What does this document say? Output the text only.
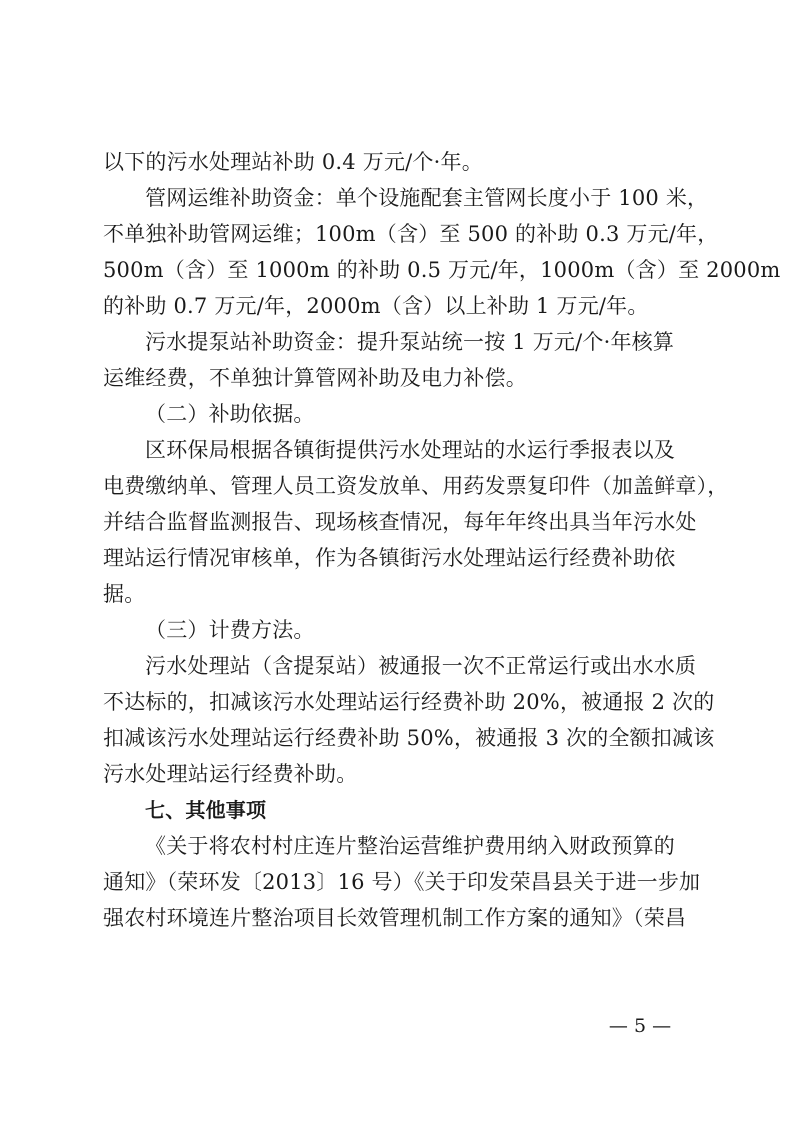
以下的污水处理站补助 0.4 万元/个·年。
管网运维补助资金：单个设施配套主管网长度小于 100 米，
不单独补助管网运维；100m（含）至 500 的补助 0.3 万元/年，
500m（含）至 1000m 的补助 0.5 万元/年，1000m（含）至 2000m
的补助 0.7 万元/年，2000m（含）以上补助 1 万元/年。
污水提泵站补助资金：提升泵站统一按 1 万元/个·年核算
运维经费，不单独计算管网补助及电力补偿。
（二）补助依据。
区环保局根据各镇街提供污水处理站的水运行季报表以及
电费缴纳单、管理人员工资发放单、用药发票复印件（加盖鲜章），
并结合监督监测报告、现场核查情况，每年年终出具当年污水处
理站运行情况审核单，作为各镇街污水处理站运行经费补助依
据。
（三）计费方法。
污水处理站（含提泵站）被通报一次不正常运行或出水水质
不达标的，扣减该污水处理站运行经费补助 20%，被通报 2 次的
扣减该污水处理站运行经费补助 50%，被通报 3 次的全额扣减该
污水处理站运行经费补助。
七、其他事项
《关于将农村村庄连片整治运营维护费用纳入财政预算的
通知》（荣环发〔2013〕16 号）《关于印发荣昌县关于进一步加
强农村环境连片整治项目长效管理机制工作方案的通知》（荣昌
— 5 —
